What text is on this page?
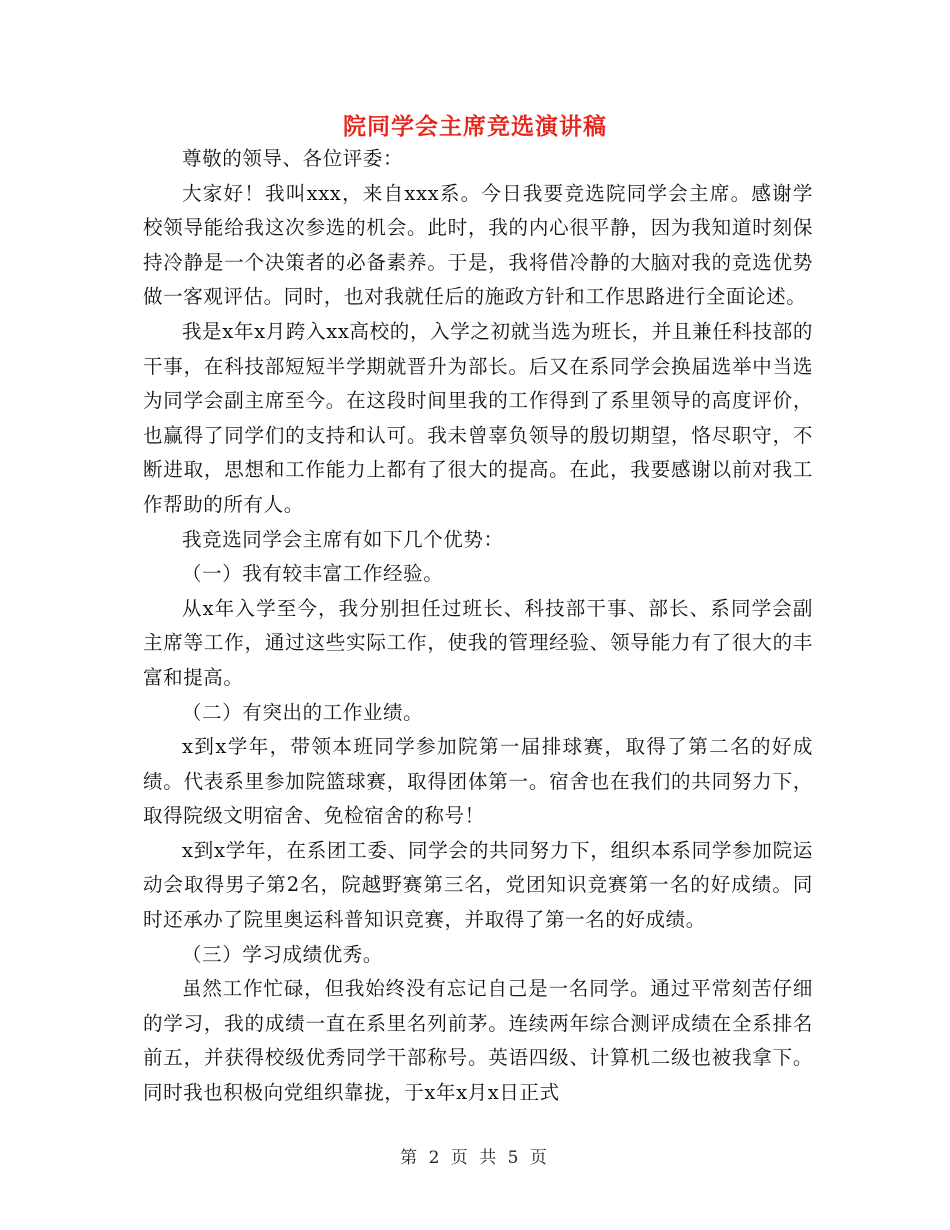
院同学会主席竞选演讲稿

尊敬的领导、各位评委：

大家好！我叫xxx，来自xxx系。今日我要竞选院同学会主席。感谢学校领导能给我这次参选的机会。此时，我的内心很平静，因为我知道时刻保持冷静是一个决策者的必备素养。于是，我将借冷静的大脑对我的竞选优势做一客观评估。同时，也对我就任后的施政方针和工作思路进行全面论述。

我是x年x月跨入xx高校的，入学之初就当选为班长，并且兼任科技部的干事，在科技部短短半学期就晋升为部长。后又在系同学会换届选举中当选为同学会副主席至今。在这段时间里我的工作得到了系里领导的高度评价，也赢得了同学们的支持和认可。我未曾辜负领导的殷切期望，恪尽职守，不断进取，思想和工作能力上都有了很大的提高。在此，我要感谢以前对我工作帮助的所有人。

我竞选同学会主席有如下几个优势：

（一）我有较丰富工作经验。

从x年入学至今，我分别担任过班长、科技部干事、部长、系同学会副主席等工作，通过这些实际工作，使我的管理经验、领导能力有了很大的丰富和提高。

（二）有突出的工作业绩。

x到x学年，带领本班同学参加院第一届排球赛，取得了第二名的好成绩。代表系里参加院篮球赛，取得团体第一。宿舍也在我们的共同努力下，取得院级文明宿舍、免检宿舍的称号！

x到x学年，在系团工委、同学会的共同努力下，组织本系同学参加院运动会取得男子第2名，院越野赛第三名，党团知识竞赛第一名的好成绩。同时还承办了院里奥运科普知识竞赛，并取得了第一名的好成绩。

（三）学习成绩优秀。

虽然工作忙碌，但我始终没有忘记自己是一名同学。通过平常刻苦仔细的学习，我的成绩一直在系里名列前茅。连续两年综合测评成绩在全系排名前五，并获得校级优秀同学干部称号。英语四级、计算机二级也被我拿下。同时我也积极向党组织靠拢，于x年x月x日正式

第 2 页 共 5 页
